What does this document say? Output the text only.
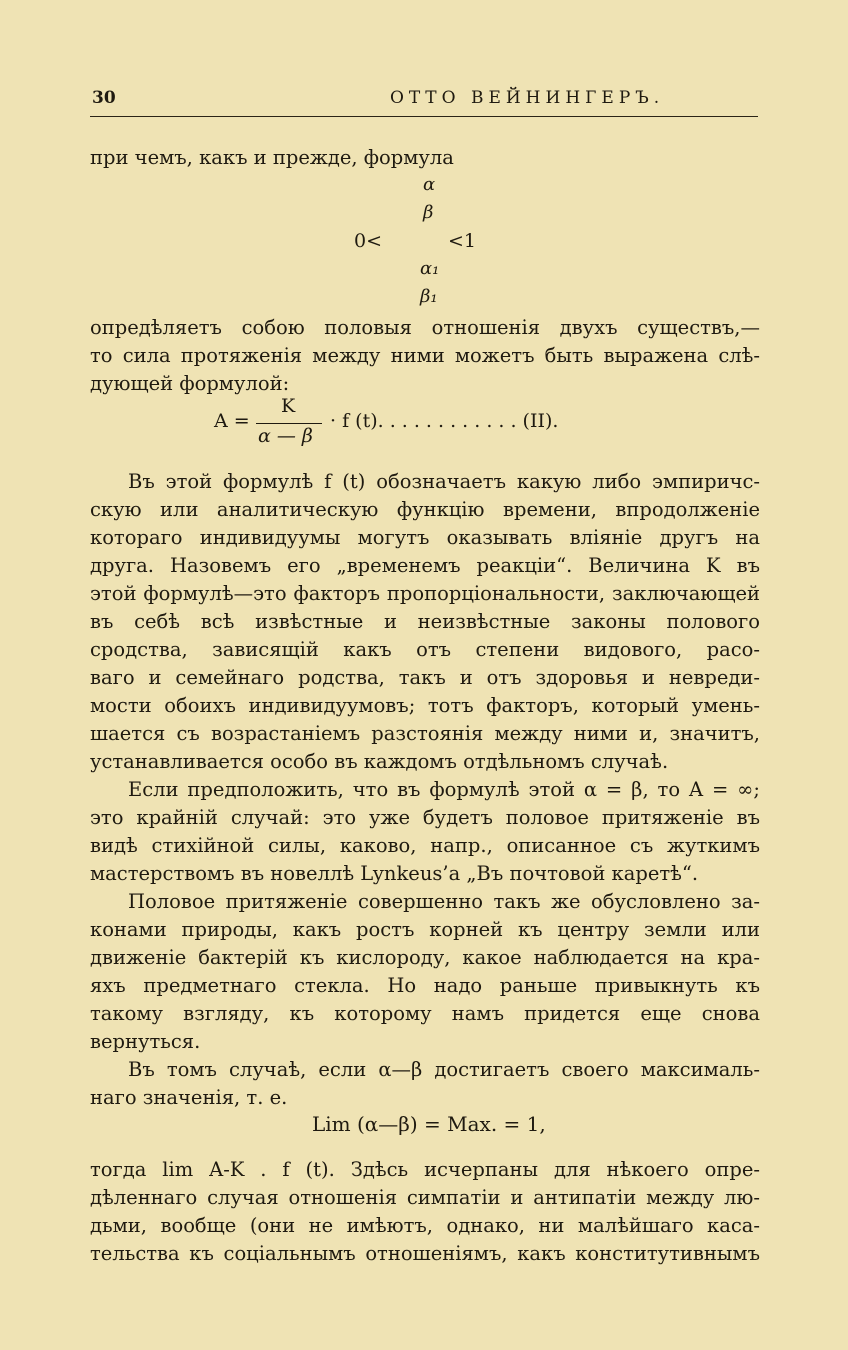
30	ОТТО ВЕЙНИНГЕРЪ.
при чемъ, какъ и прежде, формула
α
β
0<	<1
α₁
β₁
опредѣляетъ собою половыя отношенія двухъ существъ,—
то сила протяженія между ними можетъ быть выражена слѣ-
дующей формулой:
A =
K
α — β
· f (t). . . . . . . . . . . . (II).
Въ этой формулѣ f (t) обозначаетъ какую либо эмпиричс-
скую или аналитическую функцію времени, впродолженіе
котораго индивидуумы могутъ оказывать вліяніе другъ на
друга. Назовемъ его „временемъ реакціи“. Величина K въ
этой формулѣ—это факторъ пропорціональности, заключающей
въ себѣ всѣ извѣстные и неизвѣстные законы полового
сродства, зависящій какъ отъ степени видового, расо-
ваго и семейнаго родства, такъ и отъ здоровья и невреди-
мости обоихъ индивидуумовъ; тотъ факторъ, который умень-
шается съ возрастаніемъ разстоянія между ними и, значитъ,
устанавливается особо въ каждомъ отдѣльномъ случаѣ.
Если предположить, что въ формулѣ этой α = β, то A = ∞;
это крайній случай: это уже будетъ половое притяженіе въ
видѣ стихійной силы, каково, напр., описанное съ жуткимъ
мастерствомъ въ новеллѣ Lynkeus’a „Въ почтовой каретѣ“.
Половое притяженіе совершенно такъ же обусловлено за-
конами природы, какъ ростъ корней къ центру земли или
движеніе бактерій къ кислороду, какое наблюдается на кра-
яхъ предметнаго стекла. Но надо раньше привыкнуть къ
такому взгляду, къ которому намъ придется еще снова
вернуться.
Въ томъ случаѣ, если α—β достигаетъ своего максималь-
наго значенія, т. е.
Lim (α—β) = Max. = 1,
тогда lim A-K . f (t). Здѣсь исчерпаны для нѣкоего опре-
дѣленнаго случая отношенія симпатіи и антипатіи между лю-
дьми, вообще (они не имѣютъ, однако, ни малѣйшаго каса-
тельства къ соціальнымъ отношеніямъ, какъ конститутивнымъ
